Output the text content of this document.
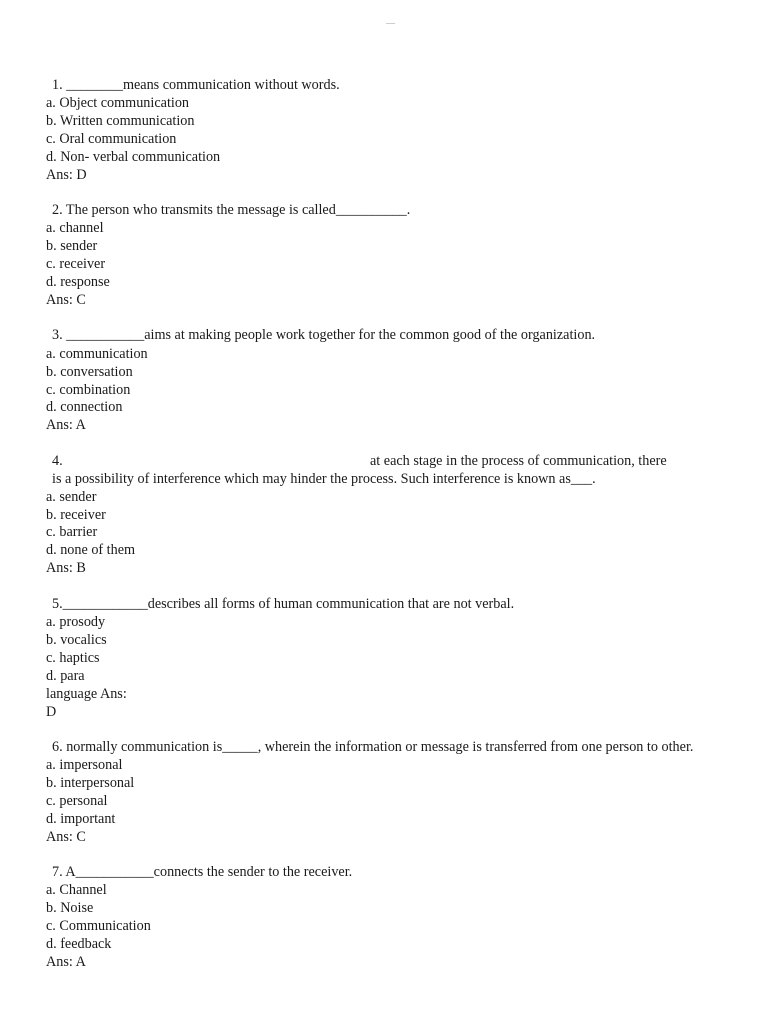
—

1. ________means communication without words.

a. Object communication

b. Written communication

c. Oral communication

d. Non- verbal communication

Ans: D

2. The person who transmits the message is called__________.

a. channel

b. sender

c. receiver

d. response

Ans: C

3. ___________aims at making people work together for the common good of the organization.

a. communication

b. conversation

c. combination

d. connection

Ans: A

4.	at each stage in the process of communication, there

is a possibility of interference which may hinder the process. Such interference is known as___.

a. sender

b. receiver

c. barrier

d. none of them

Ans: B

5.____________describes all forms of human communication that are not verbal.

a. prosody

b. vocalics

c. haptics

d. para

language Ans:

D

6. normally communication is_____, wherein the information or message is transferred from one person to other.

a. impersonal

b. interpersonal

c. personal

d. important

Ans: C

7. A___________connects the sender to the receiver.

a. Channel

b. Noise

c. Communication

d. feedback

Ans: A
